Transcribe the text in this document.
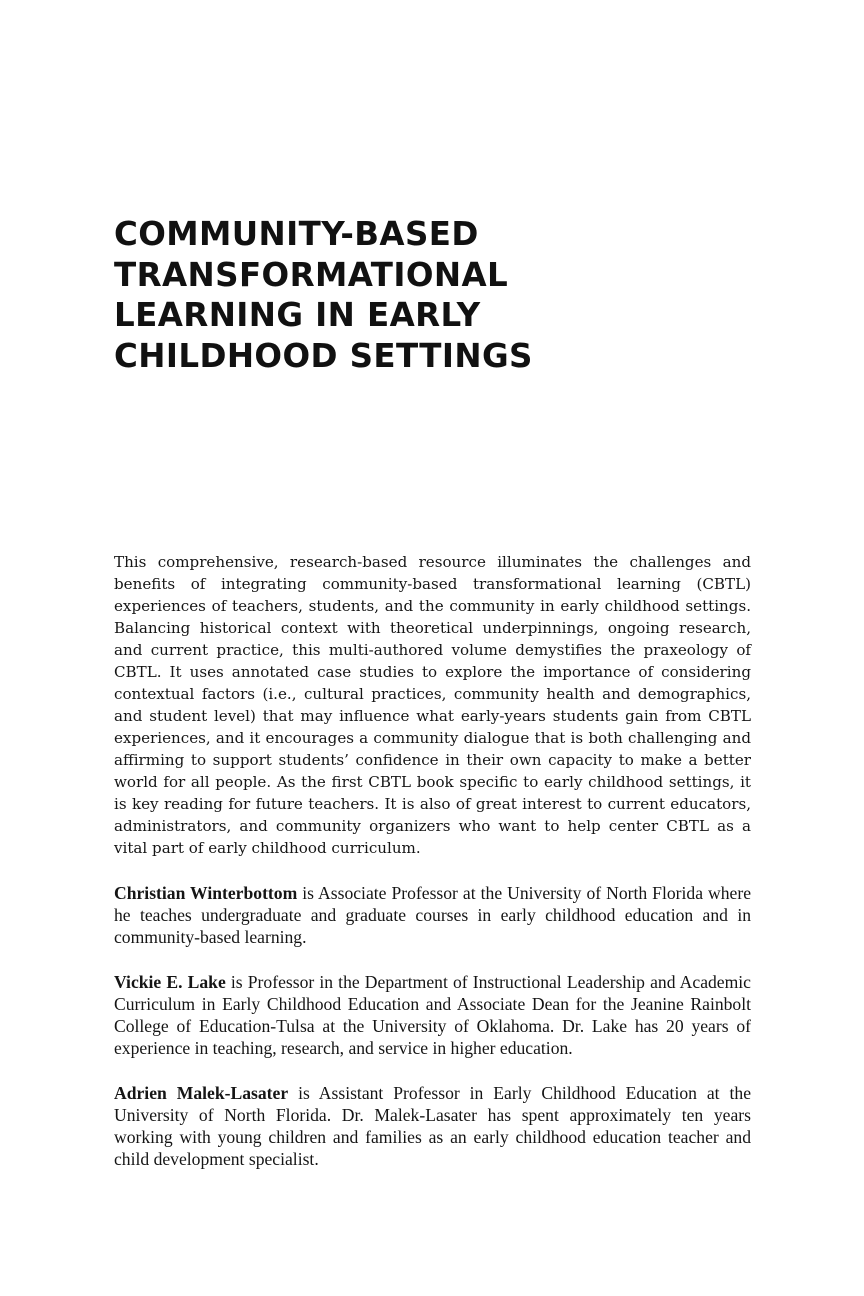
COMMUNITY-BASED
TRANSFORMATIONAL
LEARNING IN EARLY
CHILDHOOD SETTINGS

This comprehensive, research-based resource illuminates the challenges and benefits of integrating community-based transformational learning (CBTL) experiences of teachers, students, and the community in early childhood settings. Balancing historical context with theoretical underpinnings, ongoing research, and current practice, this multi-authored volume demystifies the praxeology of CBTL. It uses annotated case studies to explore the importance of considering contextual factors (i.e., cultural practices, community health and demographics, and student level) that may influence what early-years students gain from CBTL experiences, and it encourages a community dialogue that is both challenging and affirming to support students’ confidence in their own capacity to make a better world for all people. As the first CBTL book specific to early childhood settings, it is key reading for future teachers. It is also of great interest to current educators, administrators, and community organizers who want to help center CBTL as a vital part of early childhood curriculum.

Christian Winterbottom is Associate Professor at the University of North Florida where he teaches undergraduate and graduate courses in early childhood education and in community-based learning.

Vickie E. Lake is Professor in the Department of Instructional Leadership and Academic Curriculum in Early Childhood Education and Associate Dean for the Jeanine Rainbolt College of Education-Tulsa at the University of Oklahoma. Dr. Lake has 20 years of experience in teaching, research, and service in higher education.

Adrien Malek-Lasater is Assistant Professor in Early Childhood Education at the University of North Florida. Dr. Malek-Lasater has spent approximately ten years working with young children and families as an early childhood education teacher and child development specialist.
